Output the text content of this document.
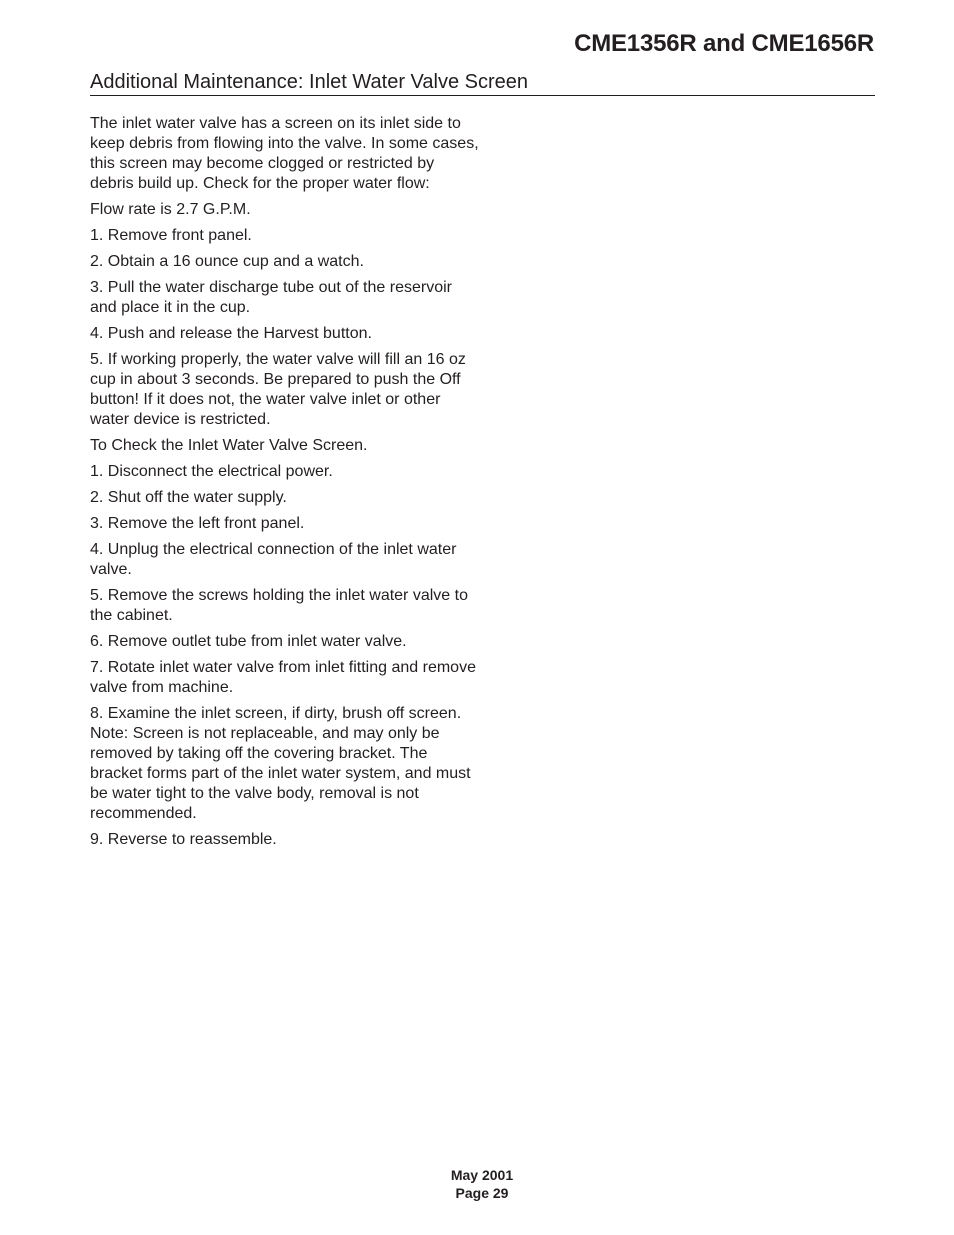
CME1356R and CME1656R
Additional Maintenance: Inlet Water Valve Screen

The inlet water valve has a screen on its inlet side to keep debris from flowing into the valve. In some cases, this screen may become clogged or restricted by debris build up. Check for the proper water flow:

Flow rate is 2.7 G.P.M.

1. Remove front panel.

2. Obtain a 16 ounce cup and a watch.

3. Pull the water discharge tube out of the reservoir and place it in the cup.

4. Push and release the Harvest button.

5. If working properly, the water valve will fill an 16 oz cup in about 3 seconds. Be prepared to push the Off button! If it does not, the water valve inlet or other water device is restricted.

To Check the Inlet Water Valve Screen.

1. Disconnect the electrical power.

2. Shut off the water supply.

3. Remove the left front panel.

4. Unplug the electrical connection of the inlet water valve.

5. Remove the screws holding the inlet water valve to the cabinet.

6. Remove outlet tube from inlet water valve.

7. Rotate inlet water valve from inlet fitting and remove valve from machine.

8. Examine the inlet screen, if dirty, brush off screen. Note: Screen is not replaceable, and may only be removed by taking off the covering bracket. The bracket forms part of the inlet water system, and must be water tight to the valve body, removal is not recommended.

9. Reverse to reassemble.

May 2001
Page 29
